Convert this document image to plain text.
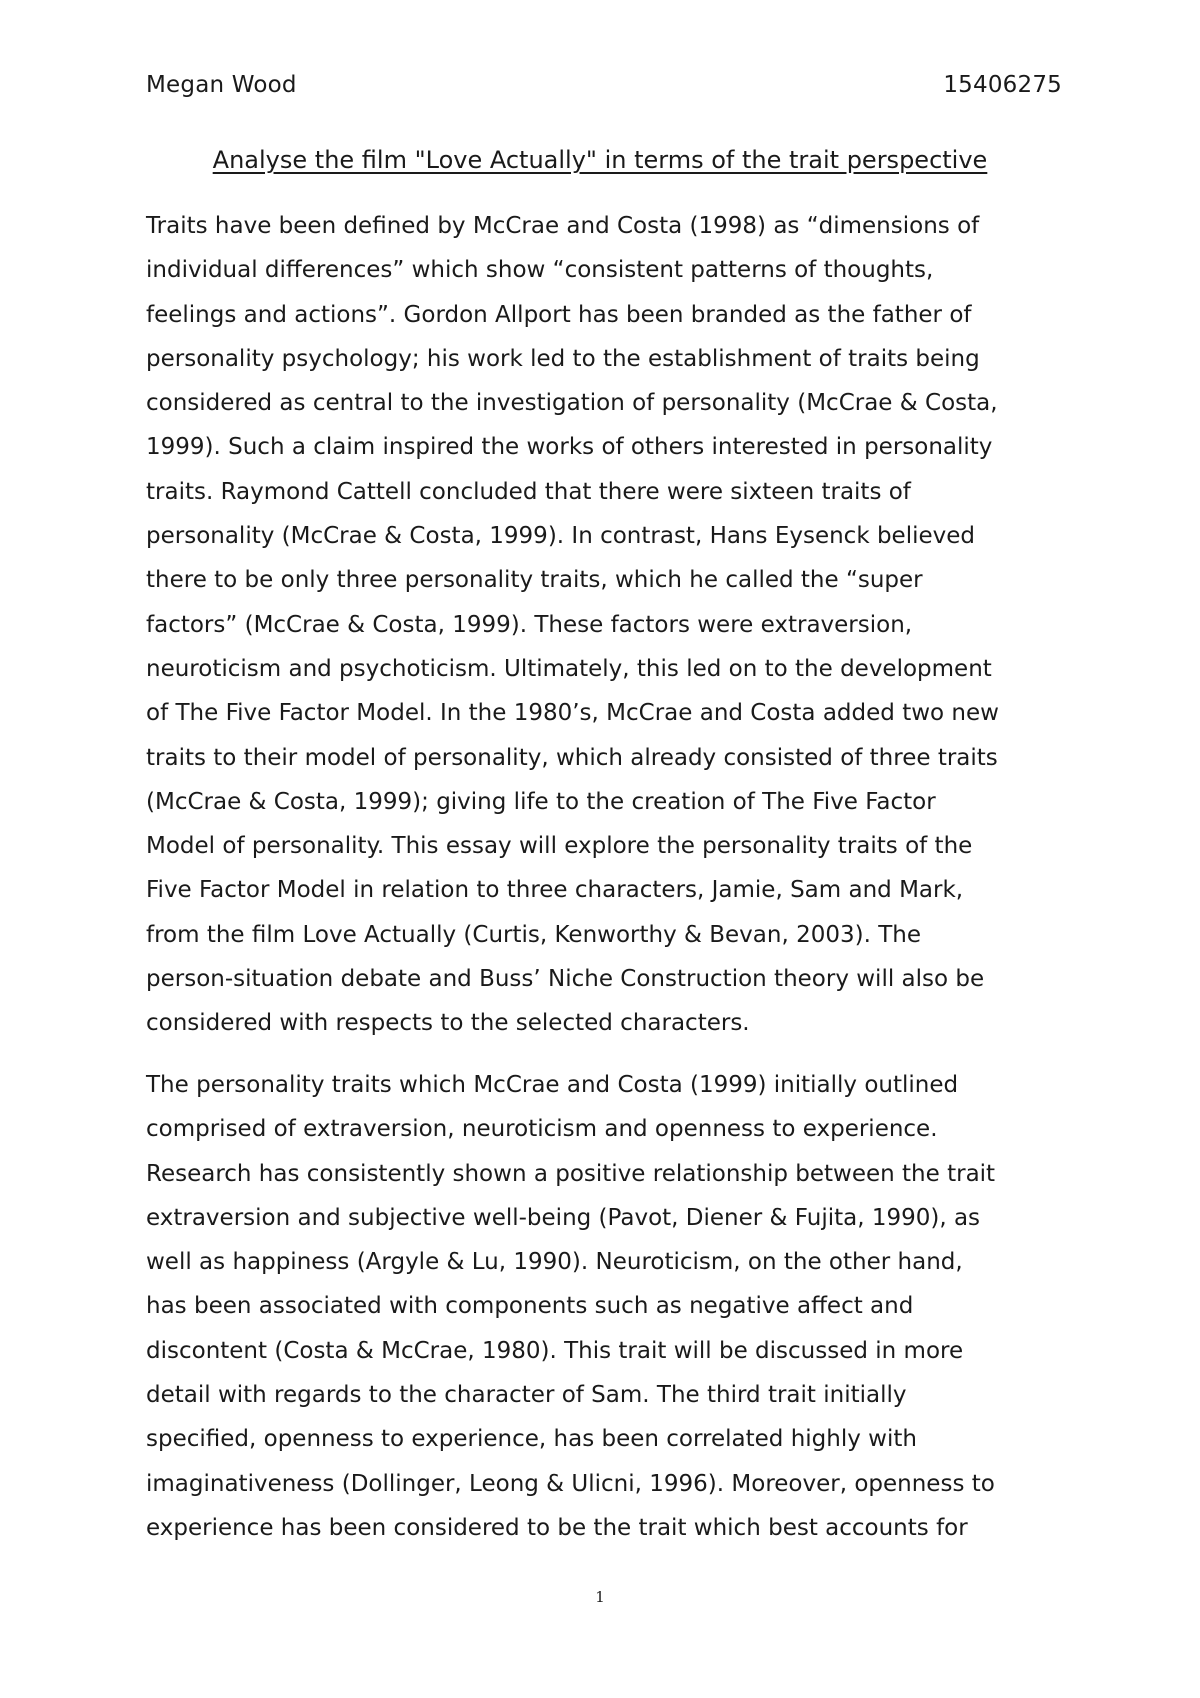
Megan Wood	15406275
Analyse the film "Love Actually" in terms of the trait perspective

Traits have been defined by McCrae and Costa (1998) as “dimensions of
individual differences” which show “consistent patterns of thoughts,
feelings and actions”. Gordon Allport has been branded as the father of
personality psychology; his work led to the establishment of traits being
considered as central to the investigation of personality (McCrae & Costa,
1999). Such a claim inspired the works of others interested in personality
traits. Raymond Cattell concluded that there were sixteen traits of
personality (McCrae & Costa, 1999). In contrast, Hans Eysenck believed
there to be only three personality traits, which he called the “super
factors” (McCrae & Costa, 1999). These factors were extraversion,
neuroticism and psychoticism. Ultimately, this led on to the development
of The Five Factor Model. In the 1980’s, McCrae and Costa added two new
traits to their model of personality, which already consisted of three traits
(McCrae & Costa, 1999); giving life to the creation of The Five Factor
Model of personality. This essay will explore the personality traits of the
Five Factor Model in relation to three characters, Jamie, Sam and Mark,
from the film Love Actually (Curtis, Kenworthy & Bevan, 2003). The
person-situation debate and Buss’ Niche Construction theory will also be
considered with respects to the selected characters.

The personality traits which McCrae and Costa (1999) initially outlined
comprised of extraversion, neuroticism and openness to experience.
Research has consistently shown a positive relationship between the trait
extraversion and subjective well-being (Pavot, Diener & Fujita, 1990), as
well as happiness (Argyle & Lu, 1990). Neuroticism, on the other hand,
has been associated with components such as negative affect and
discontent (Costa & McCrae, 1980). This trait will be discussed in more
detail with regards to the character of Sam. The third trait initially
specified, openness to experience, has been correlated highly with
imaginativeness (Dollinger, Leong & Ulicni, 1996). Moreover, openness to
experience has been considered to be the trait which best accounts for

1
